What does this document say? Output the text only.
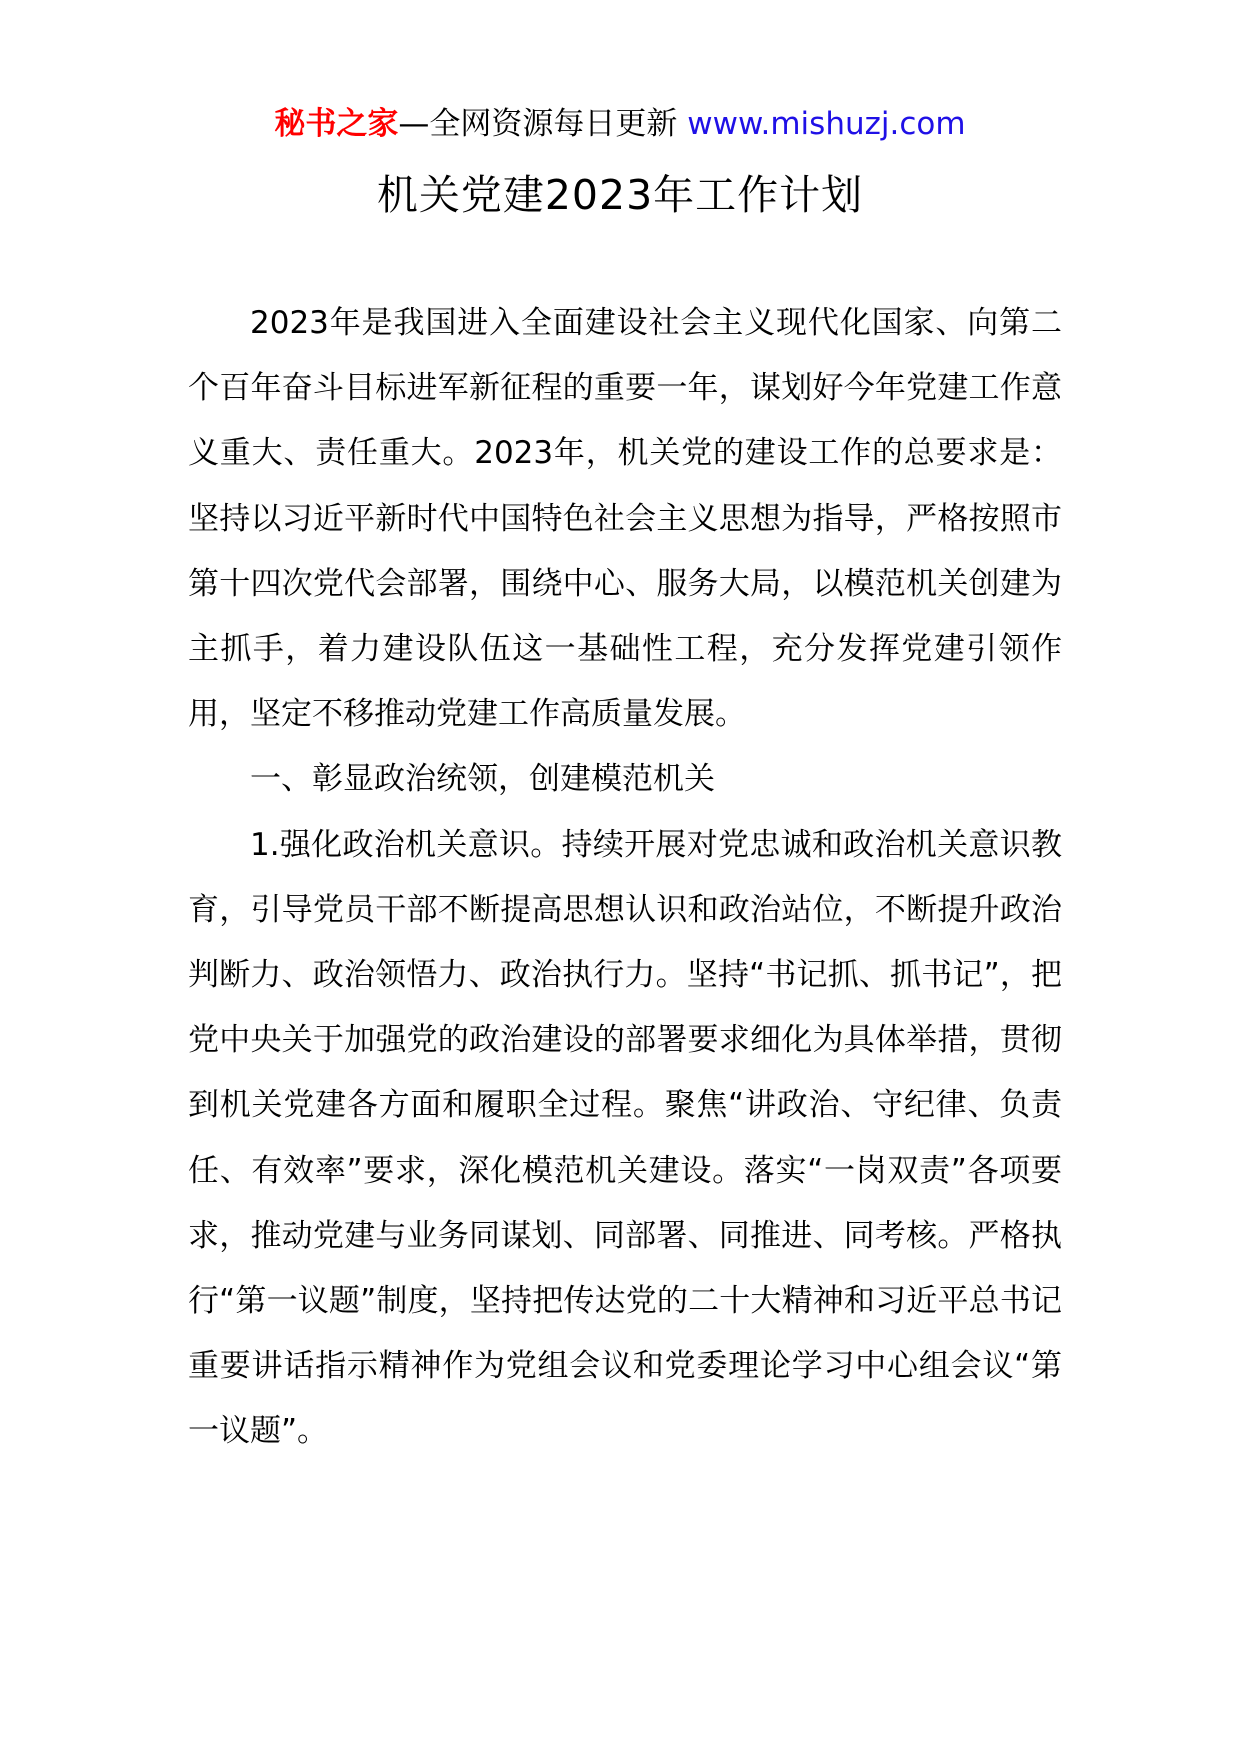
秘书之家—全网资源每日更新 www.mishuzj.com
机关党建2023年工作计划

2023年是我国进入全面建设社会主义现代化国家、向第二个百年奋斗目标进军新征程的重要一年，谋划好今年党建工作意义重大、责任重大。2023年，机关党的建设工作的总要求是：坚持以习近平新时代中国特色社会主义思想为指导，严格按照市第十四次党代会部署，围绕中心、服务大局，以模范机关创建为主抓手，着力建设队伍这一基础性工程，充分发挥党建引领作用，坚定不移推动党建工作高质量发展。

一、彰显政治统领，创建模范机关

1.强化政治机关意识。持续开展对党忠诚和政治机关意识教育，引导党员干部不断提高思想认识和政治站位，不断提升政治判断力、政治领悟力、政治执行力。坚持“书记抓、抓书记”，把党中央关于加强党的政治建设的部署要求细化为具体举措，贯彻到机关党建各方面和履职全过程。聚焦“讲政治、守纪律、负责任、有效率”要求，深化模范机关建设。落实“一岗双责”各项要求，推动党建与业务同谋划、同部署、同推进、同考核。严格执行“第一议题”制度，坚持把传达党的二十大精神和习近平总书记重要讲话指示精神作为党组会议和党委理论学习中心组会议“第一议题”。
